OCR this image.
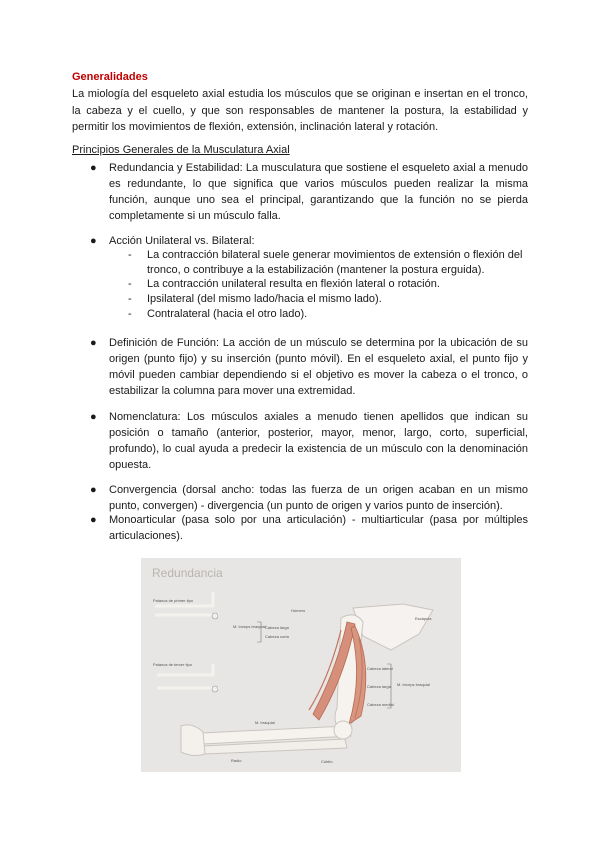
Generalidades
La miología del esqueleto axial estudia los músculos que se originan e insertan en el tronco, la cabeza y el cuello, y que son responsables de mantener la postura, la estabilidad y permitir los movimientos de flexión, extensión, inclinación lateral y rotación.
Principios Generales de la Musculatura Axial
● Redundancia y Estabilidad: La musculatura que sostiene el esqueleto axial a menudo es redundante, lo que significa que varios músculos pueden realizar la misma función, aunque uno sea el principal, garantizando que la función no se pierda completamente si un músculo falla.
● Acción Unilateral vs. Bilateral:
- La contracción bilateral suele generar movimientos de extensión o flexión del tronco, o contribuye a la estabilización (mantener la postura erguida).
- La contracción unilateral resulta en flexión lateral o rotación.
- Ipsilateral (del mismo lado/hacia el mismo lado).
- Contralateral (hacia el otro lado).
● Definición de Función: La acción de un músculo se determina por la ubicación de su origen (punto fijo) y su inserción (punto móvil). En el esqueleto axial, el punto fijo y móvil pueden cambiar dependiendo si el objetivo es mover la cabeza o el tronco, o estabilizar la columna para mover una extremidad.
● Nomenclatura: Los músculos axiales a menudo tienen apellidos que indican su posición o tamaño (anterior, posterior, mayor, menor, largo, corto, superficial, profundo), lo cual ayuda a predecir la existencia de un músculo con la denominación opuesta.
● Convergencia (dorsal ancho: todas las fuerza de un origen acaban en un mismo punto, convergen) - divergencia (un punto de origen y varios punto de inserción).
● Monoarticular (pasa solo por una articulación) - multiarticular (pasa por múltiples articulaciones).
Redundancia
Palanca de primer tipo
Palanca de tercer tipo
Húmero
M. bíceps braquial Cabeza larga
Cabeza corta
Escápula
Cabeza lateral
Cabeza larga
Cabeza medial
M. tríceps braquial
M. braquial
Radio	Cúbito
